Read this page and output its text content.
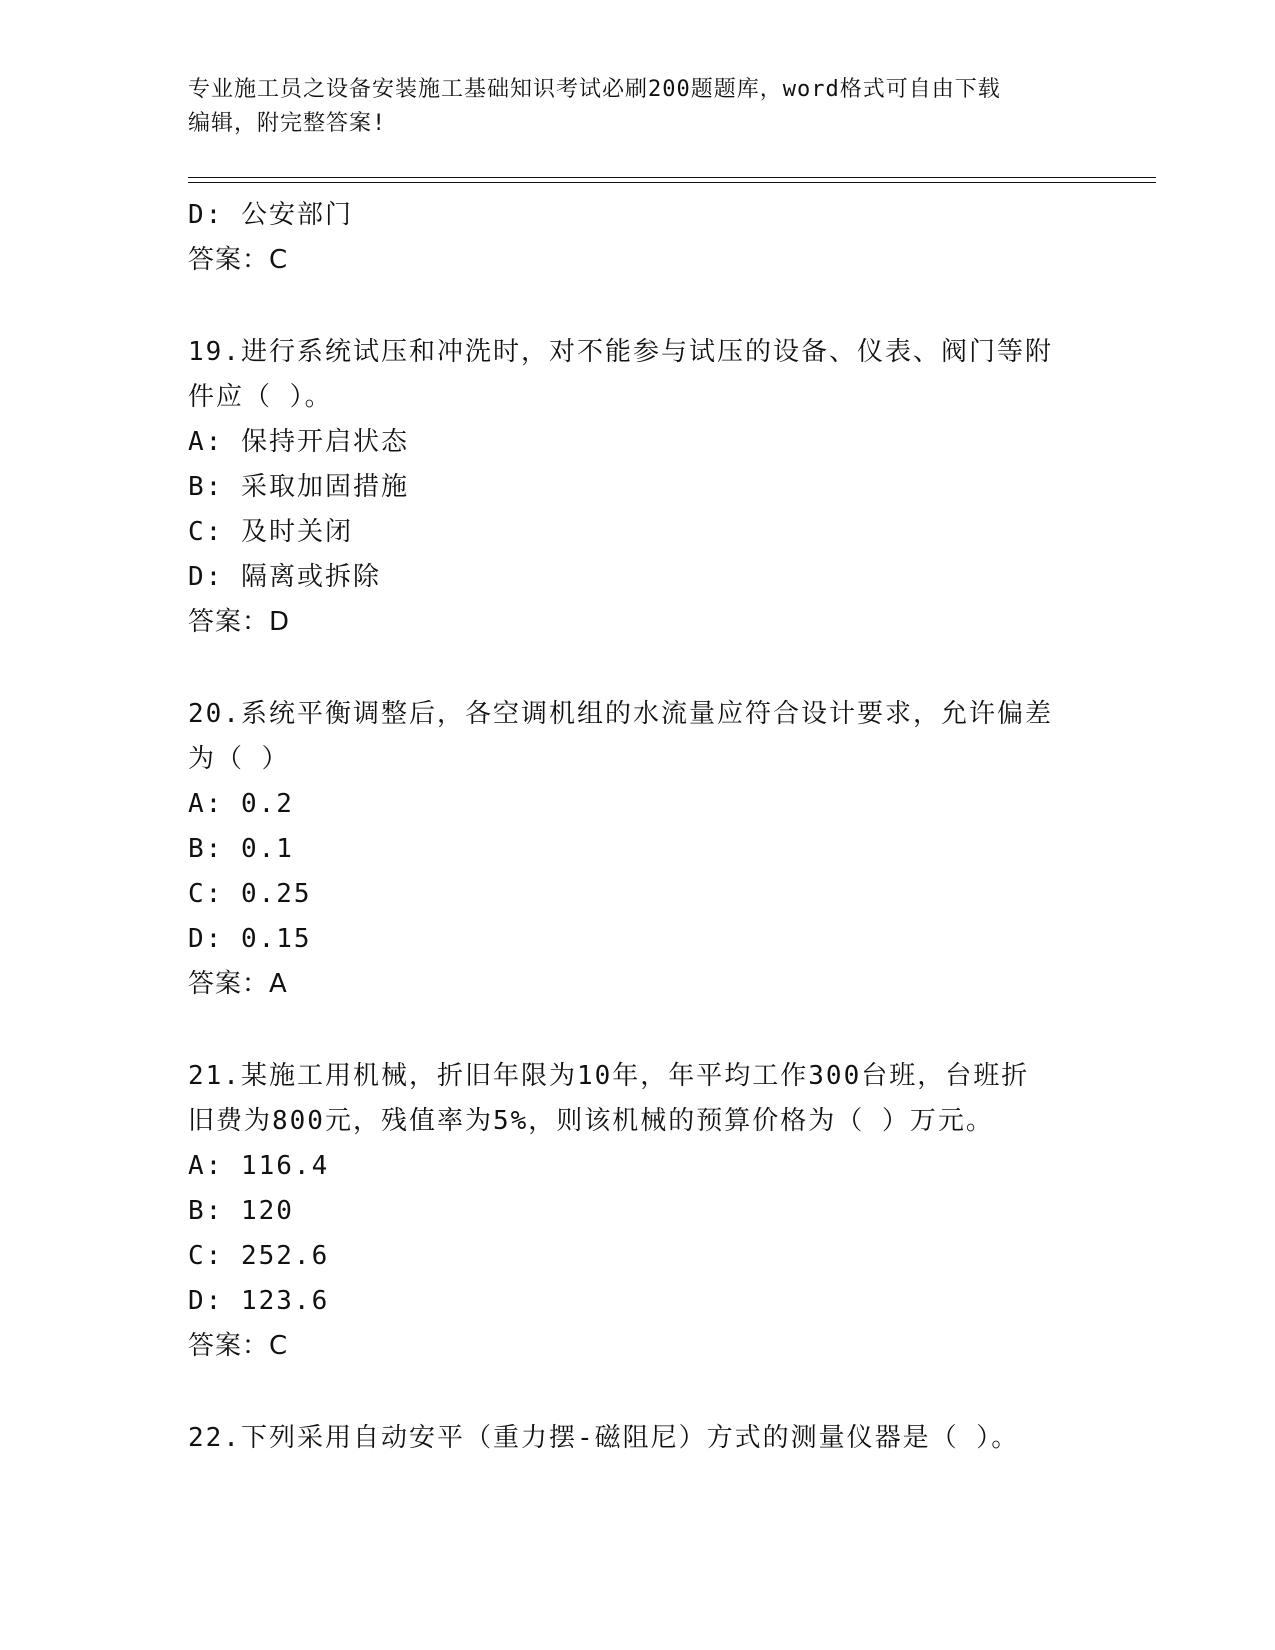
专业施工员之设备安装施工基础知识考试必刷200题题库，word格式可自由下载
编辑，附完整答案!
D: 公安部门
答案：C
19.进行系统试压和冲洗时，对不能参与试压的设备、仪表、阀门等附
件应（ ）。
A: 保持开启状态
B: 采取加固措施
C: 及时关闭
D: 隔离或拆除
答案：D
20.系统平衡调整后，各空调机组的水流量应符合设计要求，允许偏差
为（ ）
A: 0.2
B: 0.1
C: 0.25
D: 0.15
答案：A
21.某施工用机械，折旧年限为10年，年平均工作300台班，台班折
旧费为800元，残值率为5%，则该机械的预算价格为（ ）万元。
A: 116.4
B: 120
C: 252.6
D: 123.6
答案：C
22.下列采用自动安平（重力摆-磁阻尼）方式的测量仪器是（ ）。
